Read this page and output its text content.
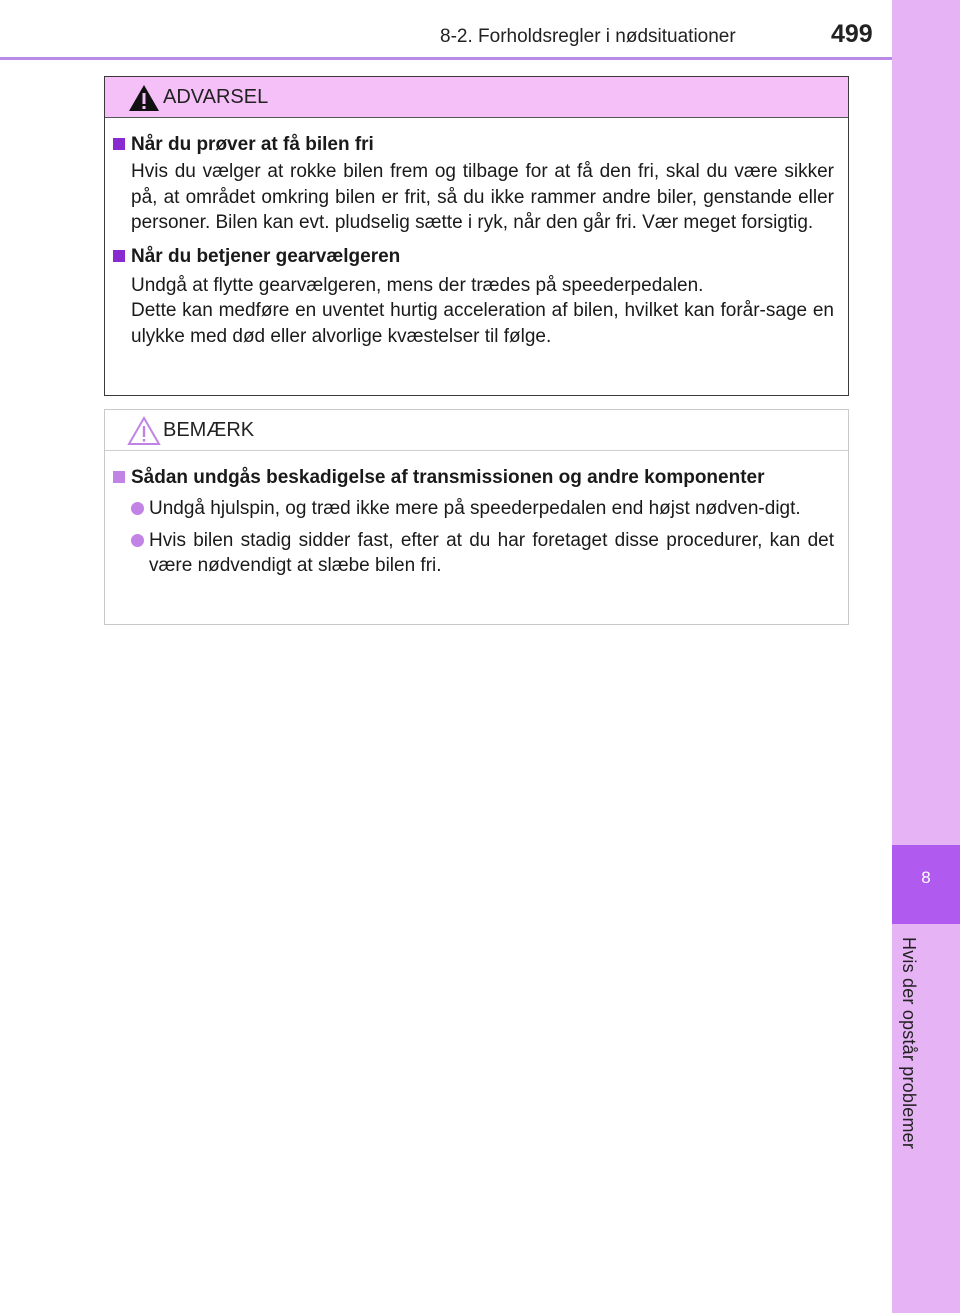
8-2. Forholdsregler i nødsituationer	499
8
Hvis der opstår problemer
ADVARSEL
Når du prøver at få bilen fri
Hvis du vælger at rokke bilen frem og tilbage for at få den fri, skal du være sikker på, at området omkring bilen er frit, så du ikke rammer andre biler, genstande eller personer. Bilen kan evt. pludselig sætte i ryk, når den går fri. Vær meget forsigtig.
Når du betjener gearvælgeren
Undgå at flytte gearvælgeren, mens der trædes på speederpedalen.
Dette kan medføre en uventet hurtig acceleration af bilen, hvilket kan forår-sage en ulykke med død eller alvorlige kvæstelser til følge.
BEMÆRK
Sådan undgås beskadigelse af transmissionen og andre komponenter
Undgå hjulspin, og træd ikke mere på speederpedalen end højst nødven-digt.
Hvis bilen stadig sidder fast, efter at du har foretaget disse procedurer, kan det være nødvendigt at slæbe bilen fri.
